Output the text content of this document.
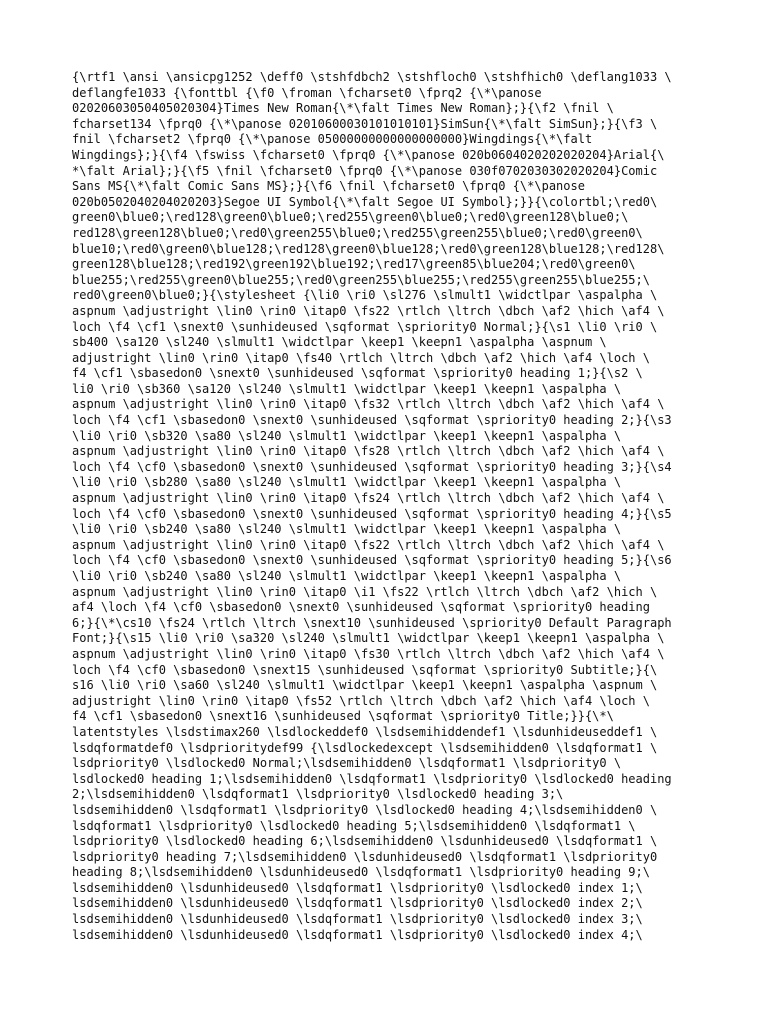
{\rtf1 \ansi \ansicpg1252 \deff0 \stshfdbch2 \stshfloch0 \stshfhich0 \deflang1033 \
deflangfe1033 {\fonttbl {\f0 \froman \fcharset0 \fprq2 {\*\panose
02020603050405020304}Times New Roman{\*\falt Times New Roman};}{\f2 \fnil \
fcharset134 \fprq0 {\*\panose 02010600030101010101}SimSun{\*\falt SimSun};}{\f3 \
fnil \fcharset2 \fprq0 {\*\panose 05000000000000000000}Wingdings{\*\falt
Wingdings};}{\f4 \fswiss \fcharset0 \fprq0 {\*\panose 020b0604020202020204}Arial{\
*\falt Arial};}{\f5 \fnil \fcharset0 \fprq0 {\*\panose 030f0702030302020204}Comic
Sans MS{\*\falt Comic Sans MS};}{\f6 \fnil \fcharset0 \fprq0 {\*\panose
020b0502040204020203}Segoe UI Symbol{\*\falt Segoe UI Symbol};}}{\colortbl;\red0\
green0\blue0;\red128\green0\blue0;\red255\green0\blue0;\red0\green128\blue0;\
red128\green128\blue0;\red0\green255\blue0;\red255\green255\blue0;\red0\green0\
blue10;\red0\green0\blue128;\red128\green0\blue128;\red0\green128\blue128;\red128\
green128\blue128;\red192\green192\blue192;\red17\green85\blue204;\red0\green0\
blue255;\red255\green0\blue255;\red0\green255\blue255;\red255\green255\blue255;\
red0\green0\blue0;}{\stylesheet {\li0 \ri0 \sl276 \slmult1 \widctlpar \aspalpha \
aspnum \adjustright \lin0 \rin0 \itap0 \fs22 \rtlch \ltrch \dbch \af2 \hich \af4 \
loch \f4 \cf1 \snext0 \sunhideused \sqformat \spriority0 Normal;}{\s1 \li0 \ri0 \
sb400 \sa120 \sl240 \slmult1 \widctlpar \keep1 \keepn1 \aspalpha \aspnum \
adjustright \lin0 \rin0 \itap0 \fs40 \rtlch \ltrch \dbch \af2 \hich \af4 \loch \
f4 \cf1 \sbasedon0 \snext0 \sunhideused \sqformat \spriority0 heading 1;}{\s2 \
li0 \ri0 \sb360 \sa120 \sl240 \slmult1 \widctlpar \keep1 \keepn1 \aspalpha \
aspnum \adjustright \lin0 \rin0 \itap0 \fs32 \rtlch \ltrch \dbch \af2 \hich \af4 \
loch \f4 \cf1 \sbasedon0 \snext0 \sunhideused \sqformat \spriority0 heading 2;}{\s3
\li0 \ri0 \sb320 \sa80 \sl240 \slmult1 \widctlpar \keep1 \keepn1 \aspalpha \
aspnum \adjustright \lin0 \rin0 \itap0 \fs28 \rtlch \ltrch \dbch \af2 \hich \af4 \
loch \f4 \cf0 \sbasedon0 \snext0 \sunhideused \sqformat \spriority0 heading 3;}{\s4
\li0 \ri0 \sb280 \sa80 \sl240 \slmult1 \widctlpar \keep1 \keepn1 \aspalpha \
aspnum \adjustright \lin0 \rin0 \itap0 \fs24 \rtlch \ltrch \dbch \af2 \hich \af4 \
loch \f4 \cf0 \sbasedon0 \snext0 \sunhideused \sqformat \spriority0 heading 4;}{\s5
\li0 \ri0 \sb240 \sa80 \sl240 \slmult1 \widctlpar \keep1 \keepn1 \aspalpha \
aspnum \adjustright \lin0 \rin0 \itap0 \fs22 \rtlch \ltrch \dbch \af2 \hich \af4 \
loch \f4 \cf0 \sbasedon0 \snext0 \sunhideused \sqformat \spriority0 heading 5;}{\s6
\li0 \ri0 \sb240 \sa80 \sl240 \slmult1 \widctlpar \keep1 \keepn1 \aspalpha \
aspnum \adjustright \lin0 \rin0 \itap0 \i1 \fs22 \rtlch \ltrch \dbch \af2 \hich \
af4 \loch \f4 \cf0 \sbasedon0 \snext0 \sunhideused \sqformat \spriority0 heading
6;}{\*\cs10 \fs24 \rtlch \ltrch \snext10 \sunhideused \spriority0 Default Paragraph
Font;}{\s15 \li0 \ri0 \sa320 \sl240 \slmult1 \widctlpar \keep1 \keepn1 \aspalpha \
aspnum \adjustright \lin0 \rin0 \itap0 \fs30 \rtlch \ltrch \dbch \af2 \hich \af4 \
loch \f4 \cf0 \sbasedon0 \snext15 \sunhideused \sqformat \spriority0 Subtitle;}{\
s16 \li0 \ri0 \sa60 \sl240 \slmult1 \widctlpar \keep1 \keepn1 \aspalpha \aspnum \
adjustright \lin0 \rin0 \itap0 \fs52 \rtlch \ltrch \dbch \af2 \hich \af4 \loch \
f4 \cf1 \sbasedon0 \snext16 \sunhideused \sqformat \spriority0 Title;}}{\*\
latentstyles \lsdstimax260 \lsdlockeddef0 \lsdsemihiddendef1 \lsdunhideuseddef1 \
lsdqformatdef0 \lsdprioritydef99 {\lsdlockedexcept \lsdsemihidden0 \lsdqformat1 \
lsdpriority0 \lsdlocked0 Normal;\lsdsemihidden0 \lsdqformat1 \lsdpriority0 \
lsdlocked0 heading 1;\lsdsemihidden0 \lsdqformat1 \lsdpriority0 \lsdlocked0 heading
2;\lsdsemihidden0 \lsdqformat1 \lsdpriority0 \lsdlocked0 heading 3;\
lsdsemihidden0 \lsdqformat1 \lsdpriority0 \lsdlocked0 heading 4;\lsdsemihidden0 \
lsdqformat1 \lsdpriority0 \lsdlocked0 heading 5;\lsdsemihidden0 \lsdqformat1 \
lsdpriority0 \lsdlocked0 heading 6;\lsdsemihidden0 \lsdunhideused0 \lsdqformat1 \
lsdpriority0 heading 7;\lsdsemihidden0 \lsdunhideused0 \lsdqformat1 \lsdpriority0
heading 8;\lsdsemihidden0 \lsdunhideused0 \lsdqformat1 \lsdpriority0 heading 9;\
lsdsemihidden0 \lsdunhideused0 \lsdqformat1 \lsdpriority0 \lsdlocked0 index 1;\
lsdsemihidden0 \lsdunhideused0 \lsdqformat1 \lsdpriority0 \lsdlocked0 index 2;\
lsdsemihidden0 \lsdunhideused0 \lsdqformat1 \lsdpriority0 \lsdlocked0 index 3;\
lsdsemihidden0 \lsdunhideused0 \lsdqformat1 \lsdpriority0 \lsdlocked0 index 4;\
